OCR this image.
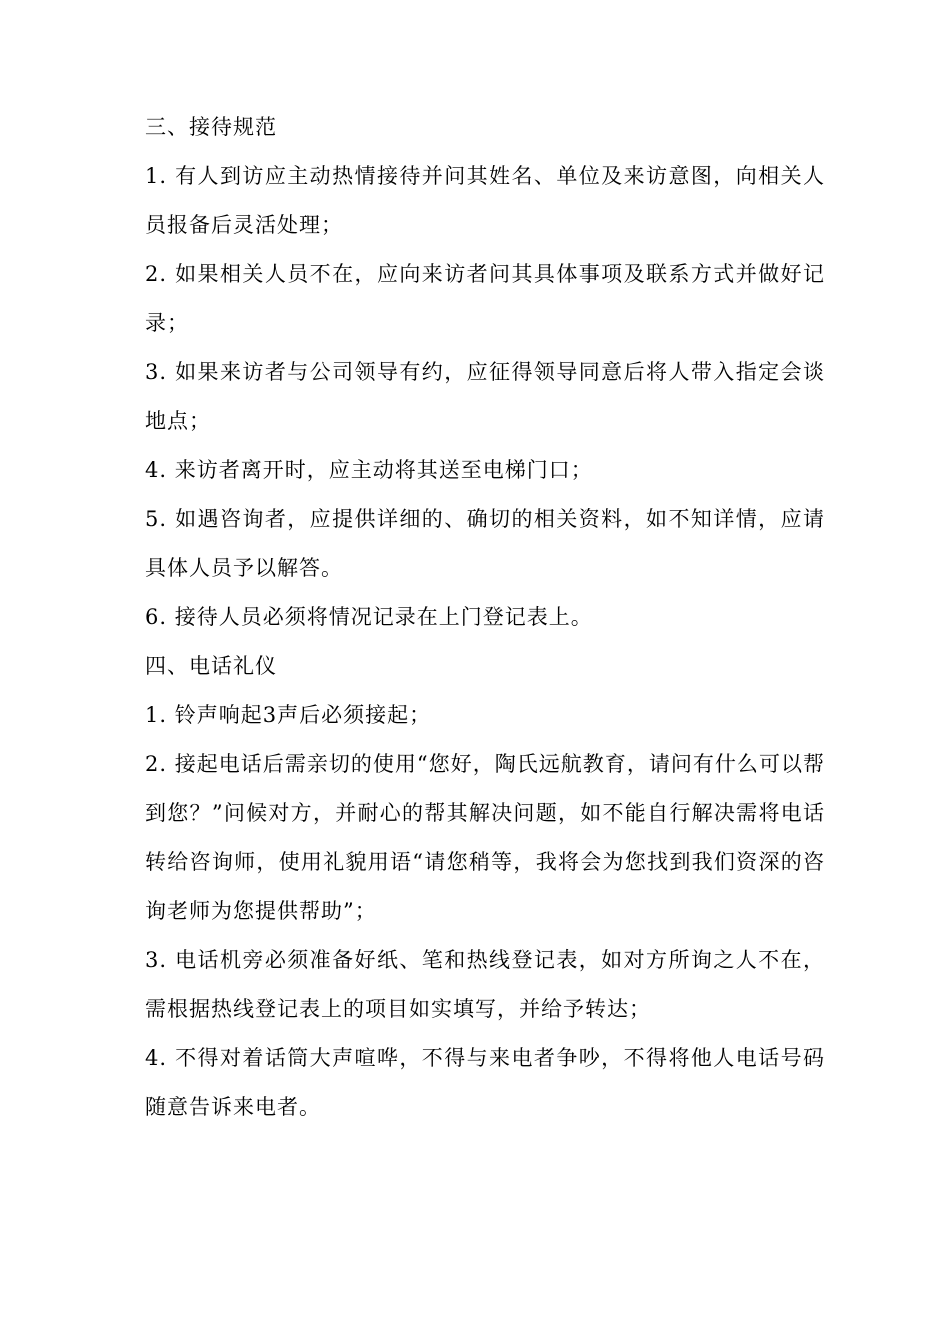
三、接待规范

1. 有人到访应主动热情接待并问其姓名、单位及来访意图，向相关人员报备后灵活处理；

2. 如果相关人员不在，应向来访者问其具体事项及联系方式并做好记录；

3. 如果来访者与公司领导有约，应征得领导同意后将人带入指定会谈地点；

4. 来访者离开时，应主动将其送至电梯门口；

5. 如遇咨询者，应提供详细的、确切的相关资料，如不知详情，应请具体人员予以解答。

6. 接待人员必须将情况记录在上门登记表上。

四、电话礼仪

1. 铃声响起3声后必须接起；

2. 接起电话后需亲切的使用“您好，陶氏远航教育，请问有什么可以帮到您？”问候对方，并耐心的帮其解决问题，如不能自行解决需将电话转给咨询师，使用礼貌用语“请您稍等，我将会为您找到我们资深的咨询老师为您提供帮助”；

3. 电话机旁必须准备好纸、笔和热线登记表，如对方所询之人不在，需根据热线登记表上的项目如实填写，并给予转达；

4. 不得对着话筒大声喧哗，不得与来电者争吵，不得将他人电话号码随意告诉来电者。
